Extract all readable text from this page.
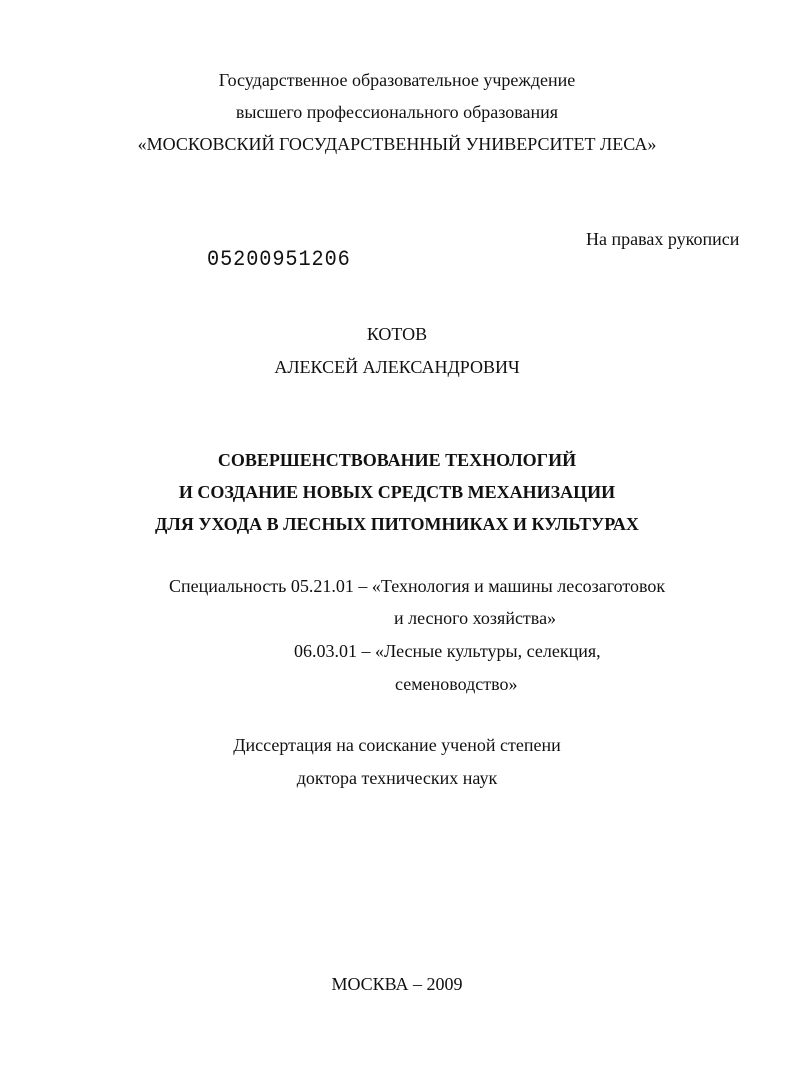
Государственное образовательное учреждение
высшего профессионального образования
«МОСКОВСКИЙ ГОСУДАРСТВЕННЫЙ УНИВЕРСИТЕТ ЛЕСА»
На правах рукописи
05200951206
КОТОВ
АЛЕКСЕЙ АЛЕКСАНДРОВИЧ
СОВЕРШЕНСТВОВАНИЕ ТЕХНОЛОГИЙ
И СОЗДАНИЕ НОВЫХ СРЕДСТВ МЕХАНИЗАЦИИ
ДЛЯ УХОДА В ЛЕСНЫХ ПИТОМНИКАХ И КУЛЬТУРАХ
Специальность 05.21.01 – «Технология и машины лесозаготовок
и лесного хозяйства»
06.03.01 – «Лесные культуры, селекция,
семеноводство»
Диссертация на соискание ученой степени
доктора технических наук
МОСКВА – 2009
